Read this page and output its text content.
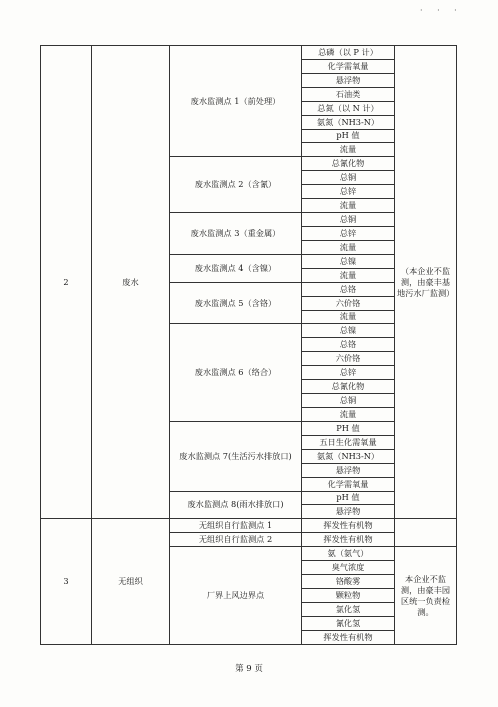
· · ·
2	废水	废水监测点 1（前处理）	总磷（以 P 计）	（本企业不监测，由豪丰基地污水厂监测）
			化学需氧量	
			悬浮物	
			石油类	
			总氮（以 N 计）	
			氨氮（NH3-N）	
			pH 值	
			流量	
		废水监测点 2（含氰）	总氰化物	
			总铜	
			总锌	
			流量	
		废水监测点 3（重金属）	总铜	
			总锌	
			流量	
		废水监测点 4（含镍）	总镍	
			流量	
		废水监测点 5（含铬）	总铬	
			六价铬	
			流量	
		废水监测点 6（络合）	总镍	
			总铬	
			六价铬	
			总锌	
			总氰化物	
			总铜	
			流量	
		废水监测点 7(生活污水排放口)	PH 值	
			五日生化需氧量	
			氨氮（NH3-N）	
			悬浮物	
			化学需氧量	
		废水监测点 8(雨水排放口)	pH 值	
			悬浮物	
3	无组织	无组织自行监测点 1	挥发性有机物	
		无组织自行监测点 2	挥发性有机物	
		厂界上风边界点	氨（氨气）	本企业不监测，由豪丰园区统一负责检测。
			臭气浓度	
			铬酸雾	
			颗粒物	
			氯化氢	
			氰化氢	
			挥发性有机物	
第 9 页
